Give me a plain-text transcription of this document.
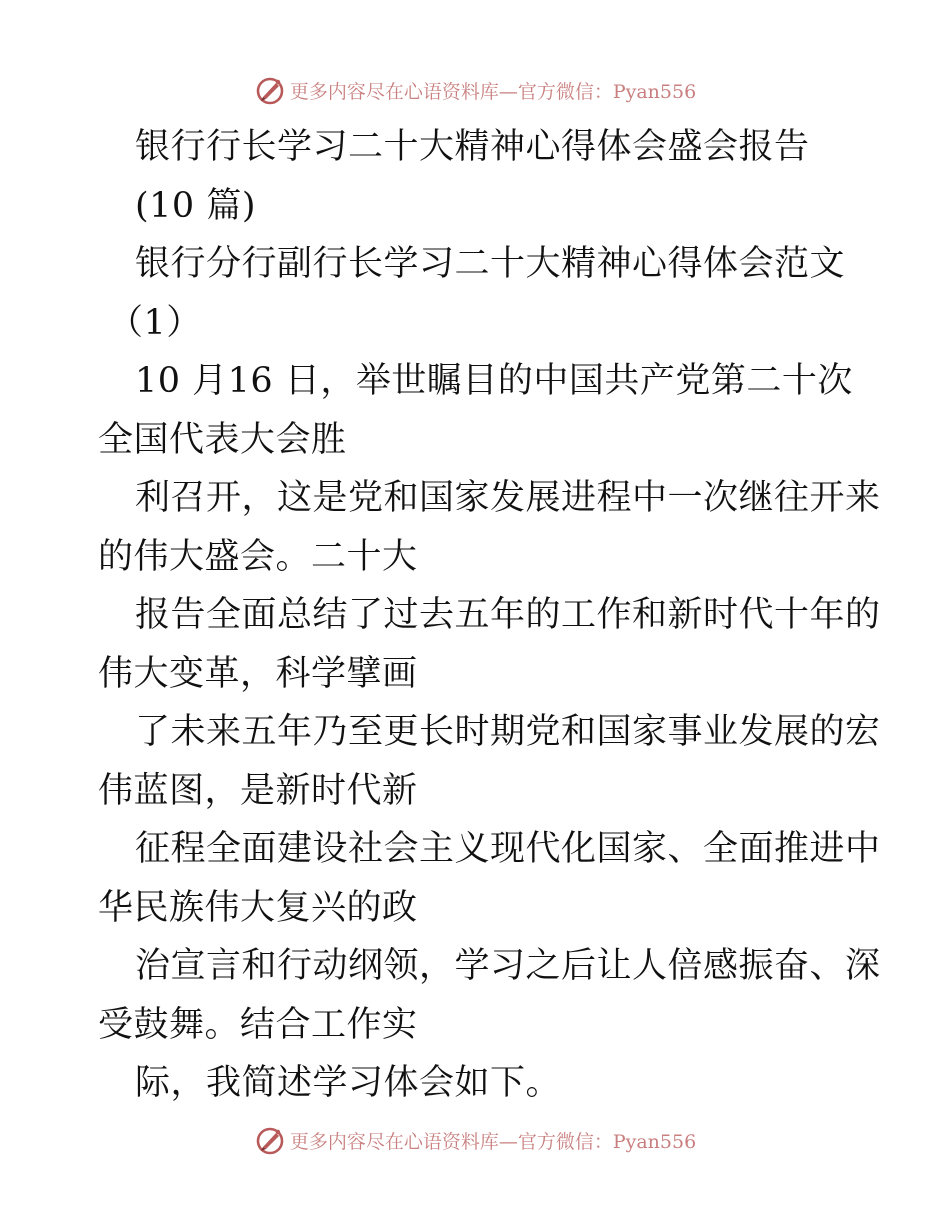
更多内容尽在心语资料库—官方微信：Pyan556
银行行长学习二十大精神心得体会盛会报告
(10 篇)
银行分行副行长学习二十大精神心得体会范文
（1）
10 月16 日，举世瞩目的中国共产党第二十次
全国代表大会胜
利召开，这是党和国家发展进程中一次继往开来
的伟大盛会。二十大
报告全面总结了过去五年的工作和新时代十年的
伟大变革，科学擘画
了未来五年乃至更长时期党和国家事业发展的宏
伟蓝图，是新时代新
征程全面建设社会主义现代化国家、全面推进中
华民族伟大复兴的政
治宣言和行动纲领，学习之后让人倍感振奋、深
受鼓舞。结合工作实
际，我简述学习体会如下。
更多内容尽在心语资料库—官方微信：Pyan556
